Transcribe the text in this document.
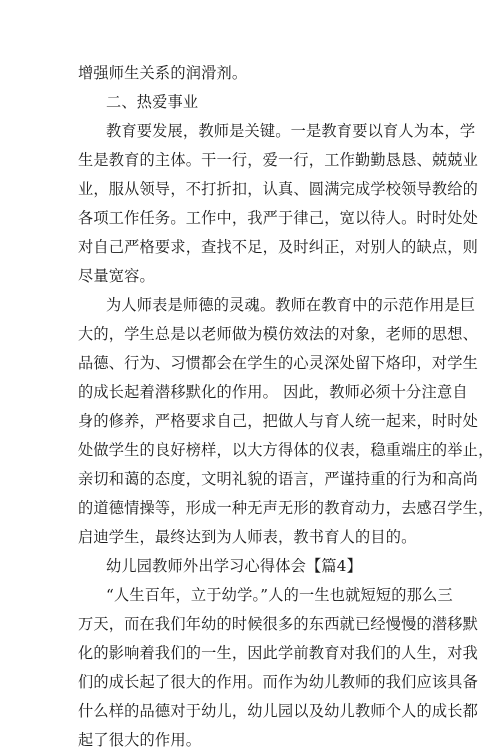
增强师生关系的润滑剂。
二、热爱事业
教育要发展，教师是关键。一是教育要以育人为本，学
生是教育的主体。干一行，爱一行，工作勤勤恳恳、兢兢业
业，服从领导，不打折扣，认真、圆满完成学校领导教给的
各项工作任务。工作中，我严于律己，宽以待人。时时处处
对自己严格要求，查找不足，及时纠正，对别人的缺点，则
尽量宽容。
为人师表是师德的灵魂。教师在教育中的示范作用是巨
大的，学生总是以老师做为模仿效法的对象，老师的思想、
品德、行为、习惯都会在学生的心灵深处留下烙印，对学生
的成长起着潜移默化的作用。 因此，教师必须十分注意自
身的修养，严格要求自己，把做人与育人统一起来，时时处
处做学生的良好榜样，以大方得体的仪表，稳重端庄的举止，
亲切和蔼的态度，文明礼貌的语言，严谨持重的行为和高尚
的道德情操等，形成一种无声无形的教育动力，去感召学生，
启迪学生，最终达到为人师表，教书育人的目的。
幼儿园教师外出学习心得体会【篇4】
“人生百年，立于幼学。”人的一生也就短短的那么三
万天，而在我们年幼的时候很多的东西就已经慢慢的潜移默
化的影响着我们的一生，因此学前教育对我们的人生，对我
们的成长起了很大的作用。而作为幼儿教师的我们应该具备
什么样的品德对于幼儿，幼儿园以及幼儿教师个人的成长都
起了很大的作用。
